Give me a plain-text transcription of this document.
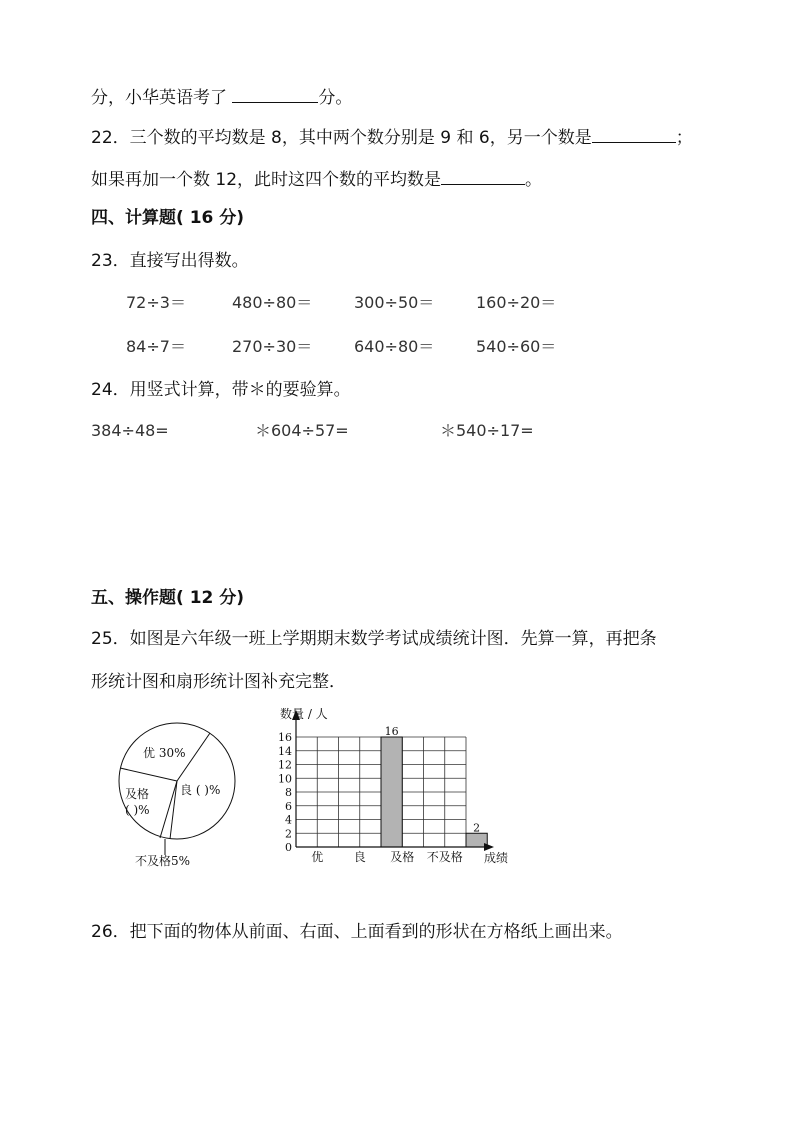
分，小华英语考了	分。
22．三个数的平均数是 8，其中两个数分别是 9 和 6，另一个数是	；
如果再加一个数 12，此时这四个数的平均数是	。
四、计算题( 16 分)
23．直接写出得数。
72÷3＝	480÷80＝	300÷50＝	160÷20＝
84÷7＝	270÷30＝	640÷80＝	540÷60＝
24．用竖式计算，带＊的要验算。
384÷48=	＊604÷57=	＊540÷17=
五、操作题( 12 分)
25．如图是六年级一班上学期期末数学考试成绩统计图．先算一算，再把条
形统计图和扇形统计图补充完整．
优 30%
良 ( )%
及格
( )%
不及格5%	优	良
16
及格 不及格
2
0
2
4
6
8
10
12
14
16
数量 / 人
成绩
26．把下面的物体从前面、右面、上面看到的形状在方格纸上画出来。
